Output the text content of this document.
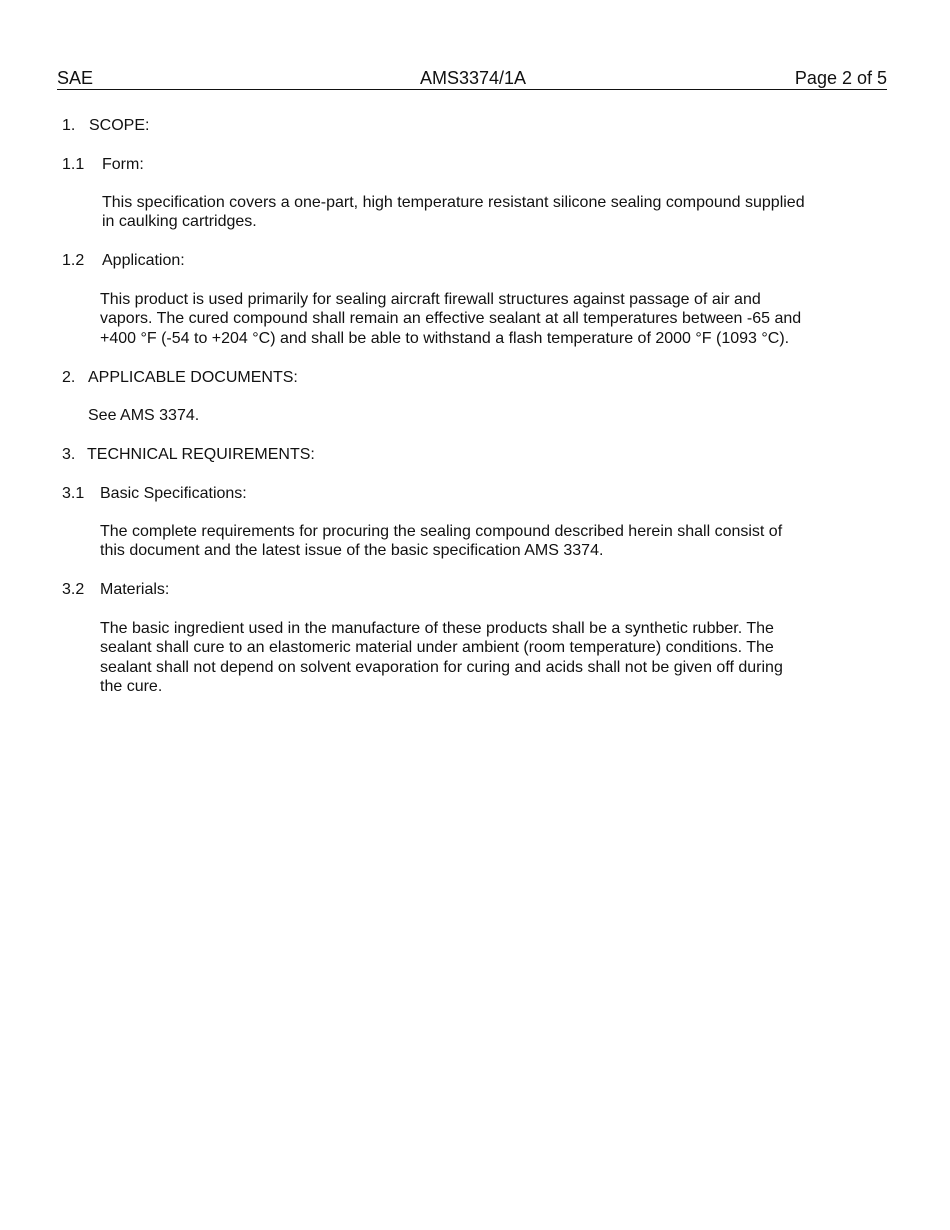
SAE	AMS3374/1A	Page 2 of 5
1. SCOPE:
1.1 Form:
This specification covers a one-part, high temperature resistant silicone sealing compound supplied in caulking cartridges.
1.2 Application:
This product is used primarily for sealing aircraft firewall structures against passage of air and vapors. The cured compound shall remain an effective sealant at all temperatures between -65 and +400 °F (-54 to +204 °C) and shall be able to withstand a flash temperature of 2000 °F (1093 °C).
2. APPLICABLE DOCUMENTS:
See AMS 3374.
3. TECHNICAL REQUIREMENTS:
3.1 Basic Specifications:
The complete requirements for procuring the sealing compound described herein shall consist of this document and the latest issue of the basic specification AMS 3374.
3.2 Materials:
The basic ingredient used in the manufacture of these products shall be a synthetic rubber. The sealant shall cure to an elastomeric material under ambient (room temperature) conditions. The sealant shall not depend on solvent evaporation for curing and acids shall not be given off during the cure.
